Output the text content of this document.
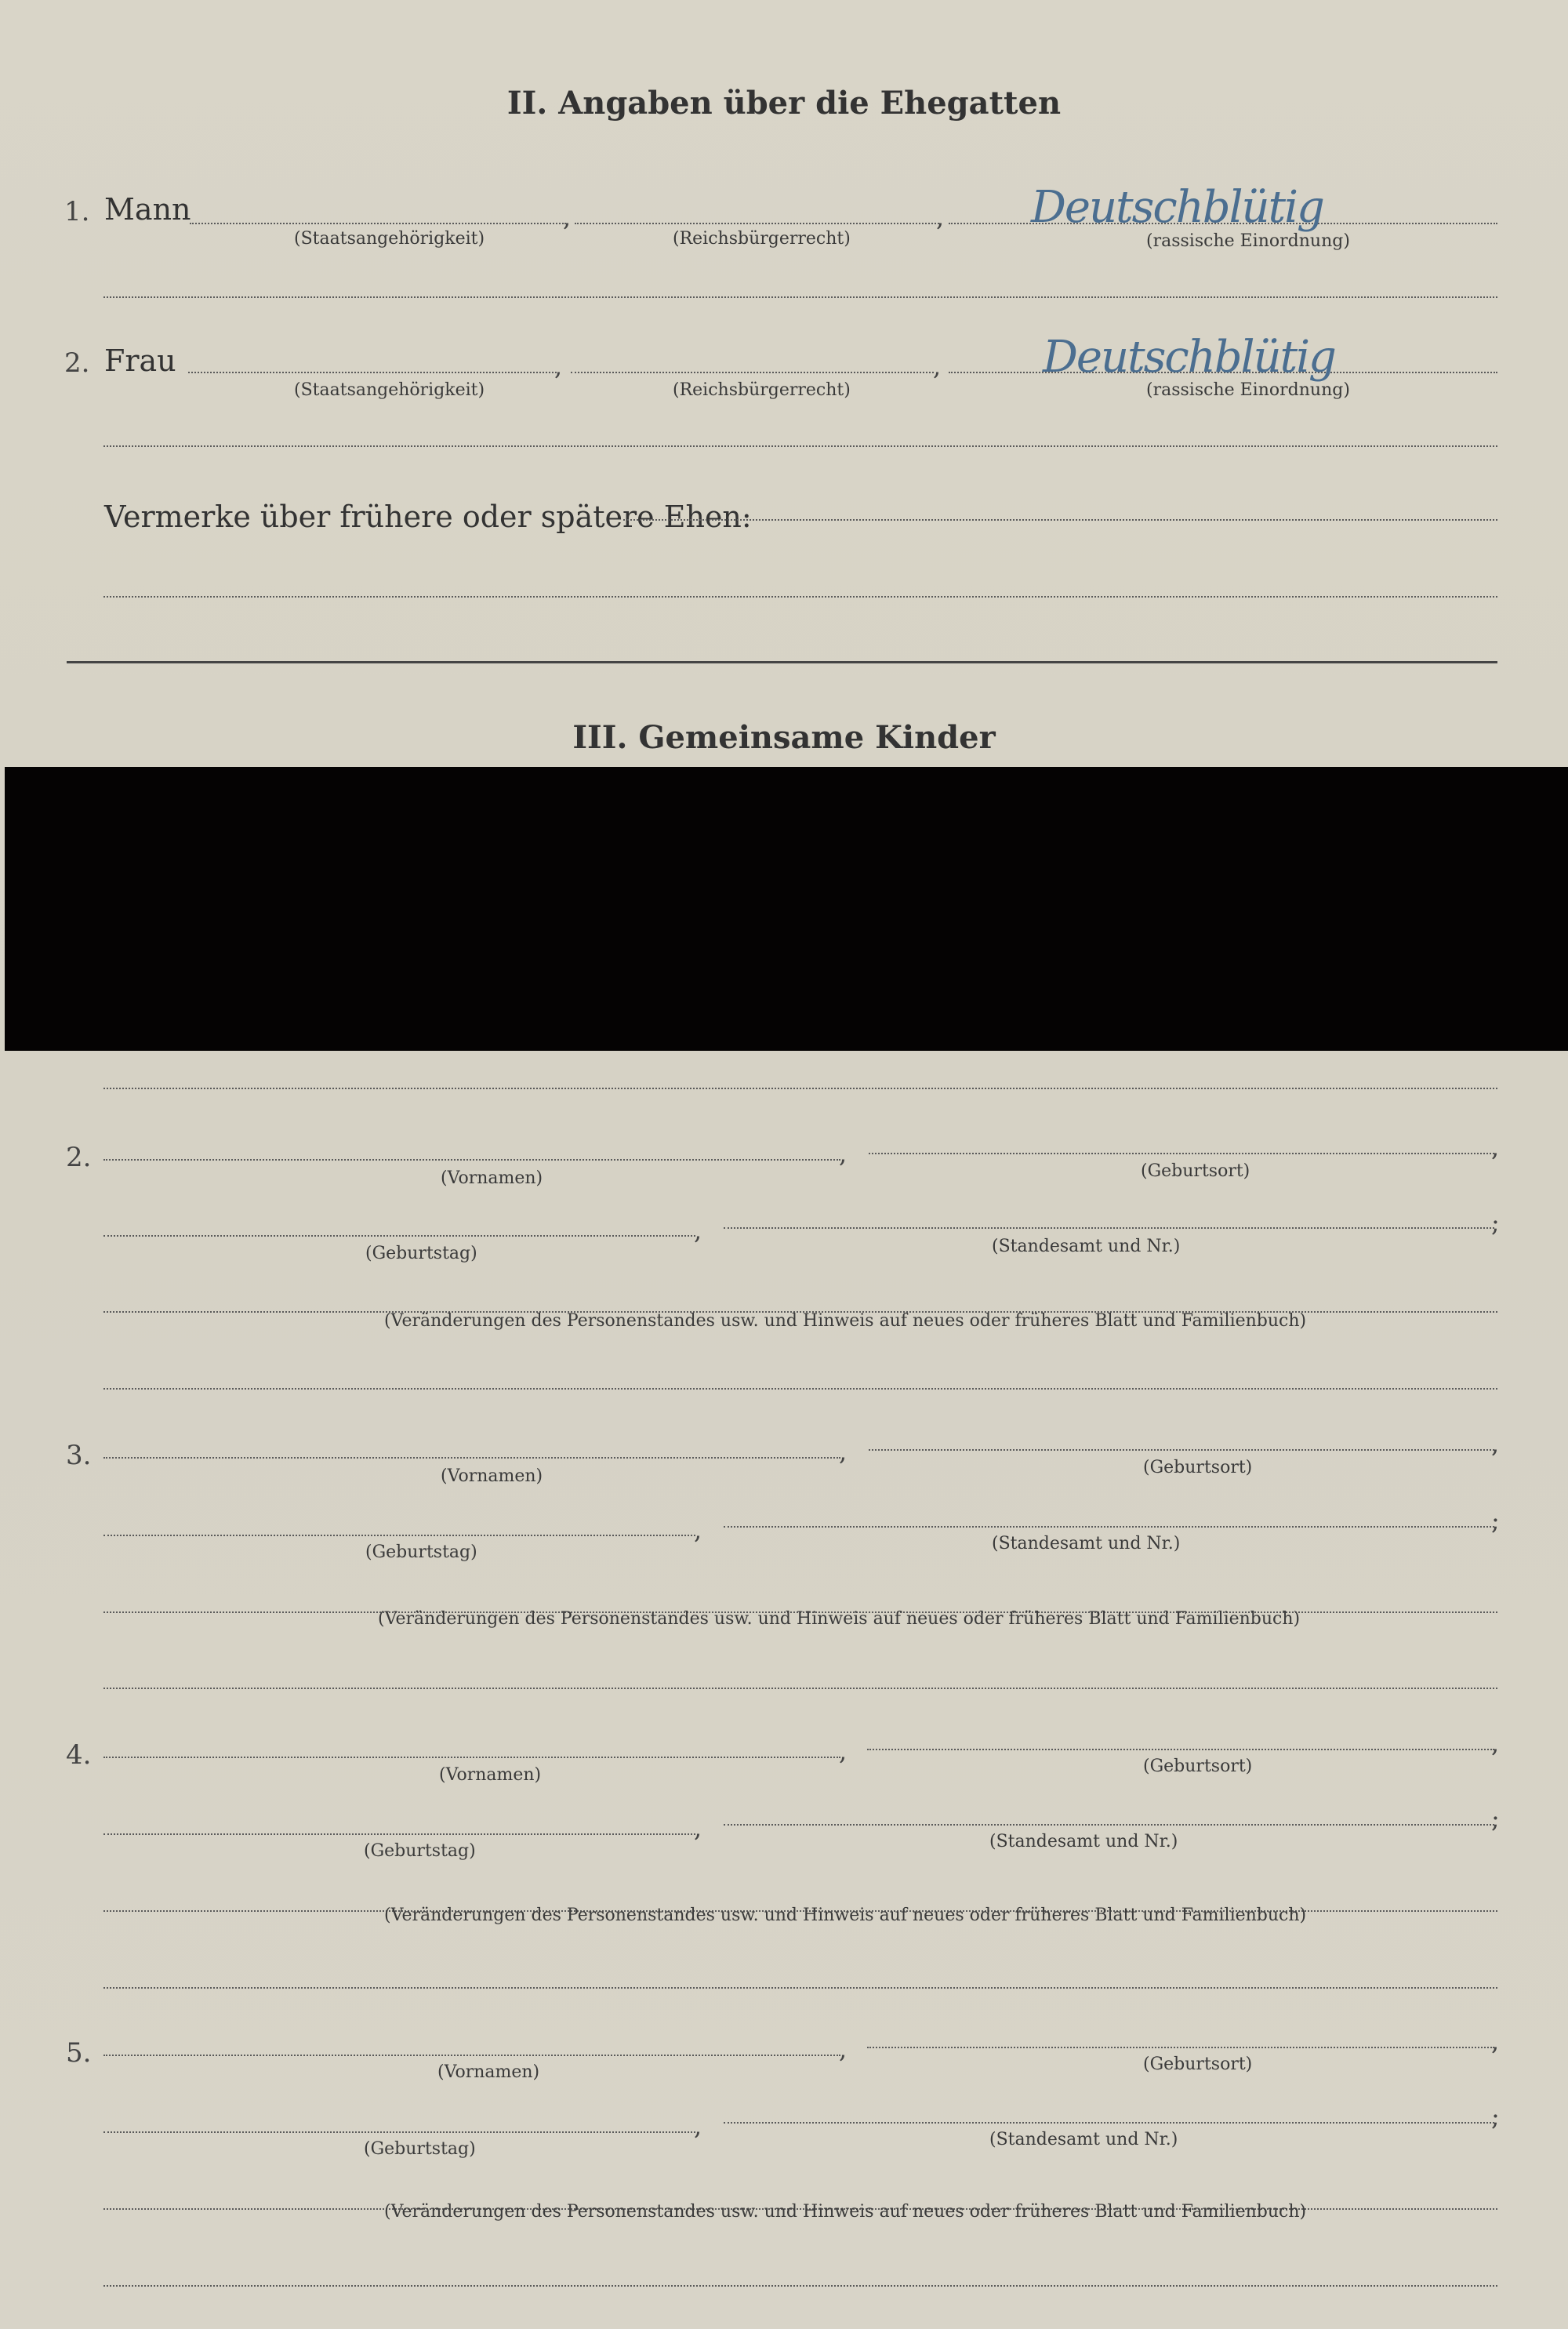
II. Angaben über die Ehegatten
1. Mann	,	, Deutschblütig
(Staatsangehörigkeit)	(Reichsbürgerrecht)	(rassische Einordnung)
2. Frau	,	, Deutschblütig
(Staatsangehörigkeit)	(Reichsbürgerrecht)	(rassische Einordnung)
Vermerke über frühere oder spätere Ehen:
III. Gemeinsame Kinder
2.	,	,
(Vornamen)	(Geburtsort)
,	;
(Geburtstag)	(Standesamt und Nr.)
(Veränderungen des Personenstandes usw. und Hinweis auf neues oder früheres Blatt und Familienbuch)
3.	,	,
(Vornamen)	(Geburtsort)
,	;
(Geburtstag)	(Standesamt und Nr.)
(Veränderungen des Personenstandes usw. und Hinweis auf neues oder früheres Blatt und Familienbuch)
4.	,	,
(Vornamen)	(Geburtsort)
,	;
(Geburtstag)	(Standesamt und Nr.)
(Veränderungen des Personenstandes usw. und Hinweis auf neues oder früheres Blatt und Familienbuch)
5.	,	,
(Vornamen)	(Geburtsort)
,	;
(Geburtstag)	(Standesamt und Nr.)
(Veränderungen des Personenstandes usw. und Hinweis auf neues oder früheres Blatt und Familienbuch)
